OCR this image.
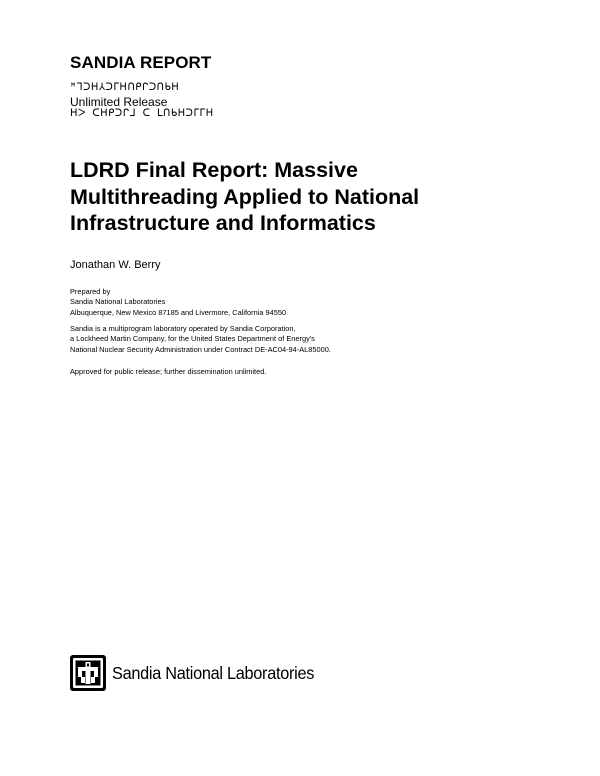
SANDIA REPORT
ꟸᒣᑐᕼ⅄ᑐᒥᕼᑎᑭᒋᑐᑎᑲᕼ
Unlimited Release
ᕼᐳ ᑕᕼᑭᑐᒋᒧ ᑕ ᒪᑎᑲᕼᑐᒥᒥᕼ
LDRD Final Report: Massive
Multithreading Applied to National
Infrastructure and Informatics
Jonathan W. Berry
Prepared by
Sandia National Laboratories
Albuquerque, New Mexico 87185 and Livermore, California 94550
Sandia is a multiprogram laboratory operated by Sandia Corporation,
a Lockheed Martin Company, for the United States Department of Energy's
National Nuclear Security Administration under Contract DE-AC04-94-AL85000.
Approved for public release; further dissemination unlimited.
Sandia National Laboratories
